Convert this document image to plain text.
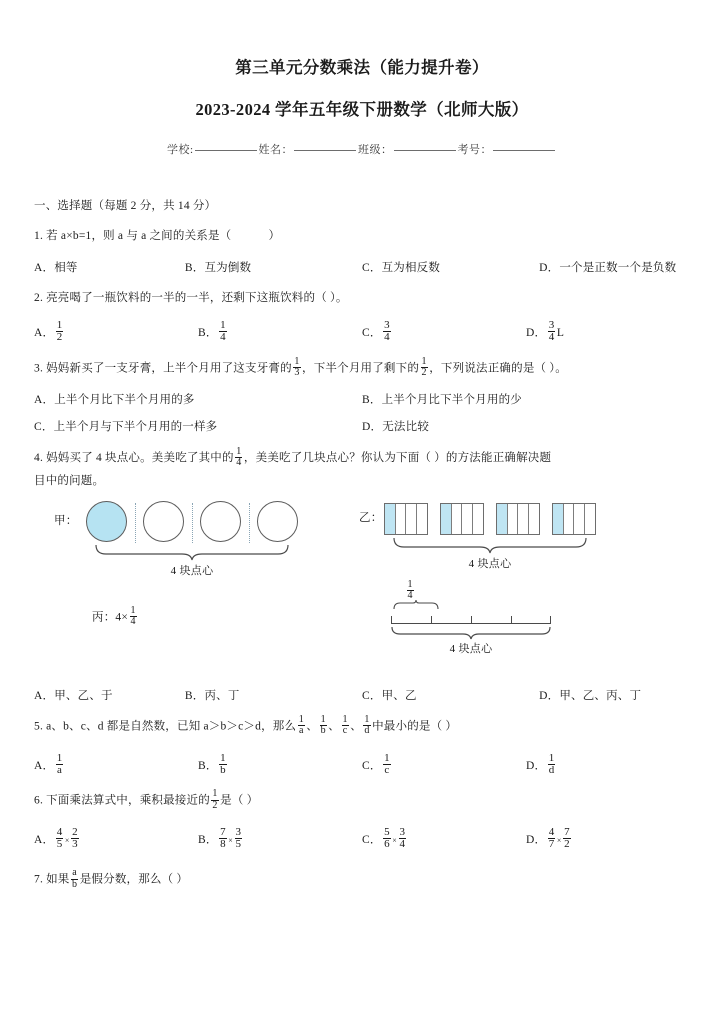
第三单元分数乘法（能力提升卷）
2023-2024 学年五年级下册数学（北师大版）
学校:	姓名：	班级：	考号：
一、选择题（每题 2 分，共 14 分）
1. 若 a×b=1，则 a 与 a 之间的关系是（	）
A．相等	B．互为倒数	C．互为相反数	D．一个是正数一个是负数
2. 亮亮喝了一瓶饮料的一半的一半，还剩下这瓶饮料的（ ）。
A． $\frac{1}{2}$	B． $\frac{1}{4}$	C． $\frac{3}{4}$	D． $\frac{3}{4}$ L
3. 妈妈新买了一支牙膏，上半个月用了这支牙膏的 $\frac{1}{3}$ ，下半个月用了剩下的 $\frac{1}{2}$ ，下列说法正确的是（ ）。
A．上半个月比下半个月用的多	B．上半个月比下半个月用的少
C．上半个月与下半个月用的一样多	D．无法比较
4. 妈妈买了 4 块点心。美美吃了其中的 $\frac{1}{4}$ ，美美吃了几块点心？你认为下面（ ）的方法能正确解决题
目中的问题。
甲：
4 块点心
乙：
4 块点心
丙：$4\times \frac{1}{4}$
$\frac{1}{4}$
4 块点心
A．甲、乙、于	B．丙、丁	C．甲、乙	D．甲、乙、丙、丁
5. a、b、c、d 都是自然数，已知 a＞b＞c＞d，那么 $\frac{1}{a}$ 、 $\frac{1}{b}$ 、 $\frac{1}{c}$ 、 $\frac{1}{d}$ 中最小的是（ ）
A． $\frac{1}{a}$	B． $\frac{1}{b}$	C． $\frac{1}{c}$	D． $\frac{1}{d}$
6. 下面乘法算式中，乘积最接近的 $\frac{1}{2}$ 是（ ）
A． $\frac{4}{5} \times \frac{2}{3}$	B． $\frac{7}{8} \times \frac{3}{5}$	C． $\frac{5}{6} \times \frac{3}{4}$	D． $\frac{4}{7} \times \frac{7}{2}$
7. 如果 $\frac{a}{b}$ 是假分数，那么（ ）
